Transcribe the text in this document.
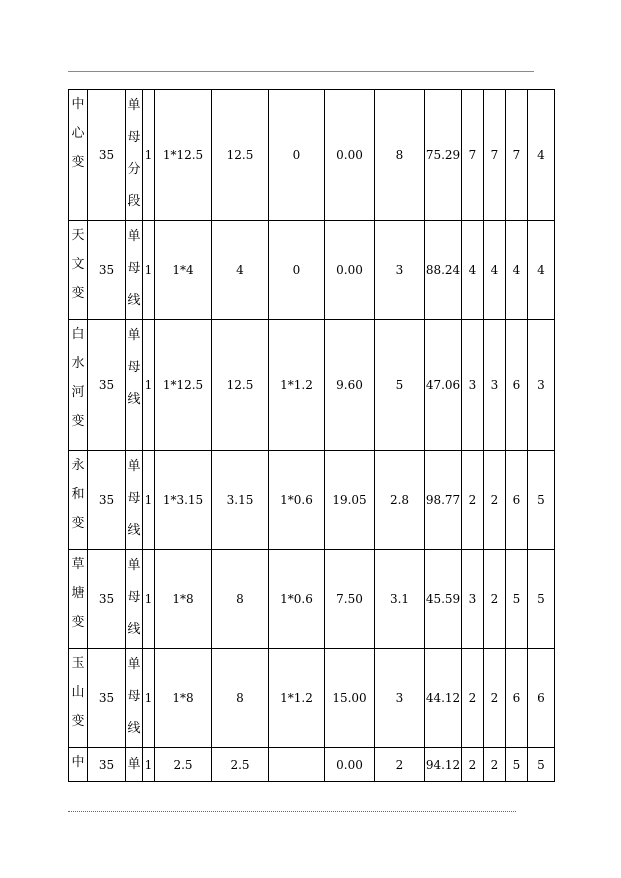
中
心
变	35	单
母
分
段	1	1*12.5	12.5	0	0.00	8	75.29	7	7	7	4

天
文
变	35	单
母
线	1	1*4	4	0	0.00	3	88.24	4	4	4	4

白
水
河
变	35	单
母
线	1	1*12.5	12.5	1*1.2	9.60	5	47.06	3	3	6	3

永
和
变	35	单
母
线	1	1*3.15	3.15	1*0.6	19.05	2.8	98.77	2	2	6	5

草
塘
变	35	单
母
线	1	1*8	8	1*0.6	7.50	3.1	45.59	3	2	5	5

玉
山
变	35	单
母
线	1	1*8	8	1*1.2	15.00	3	44.12	2	2	6	6

中	35	单	1	2.5	2.5		0.00	2	94.12	2	2	5	5
